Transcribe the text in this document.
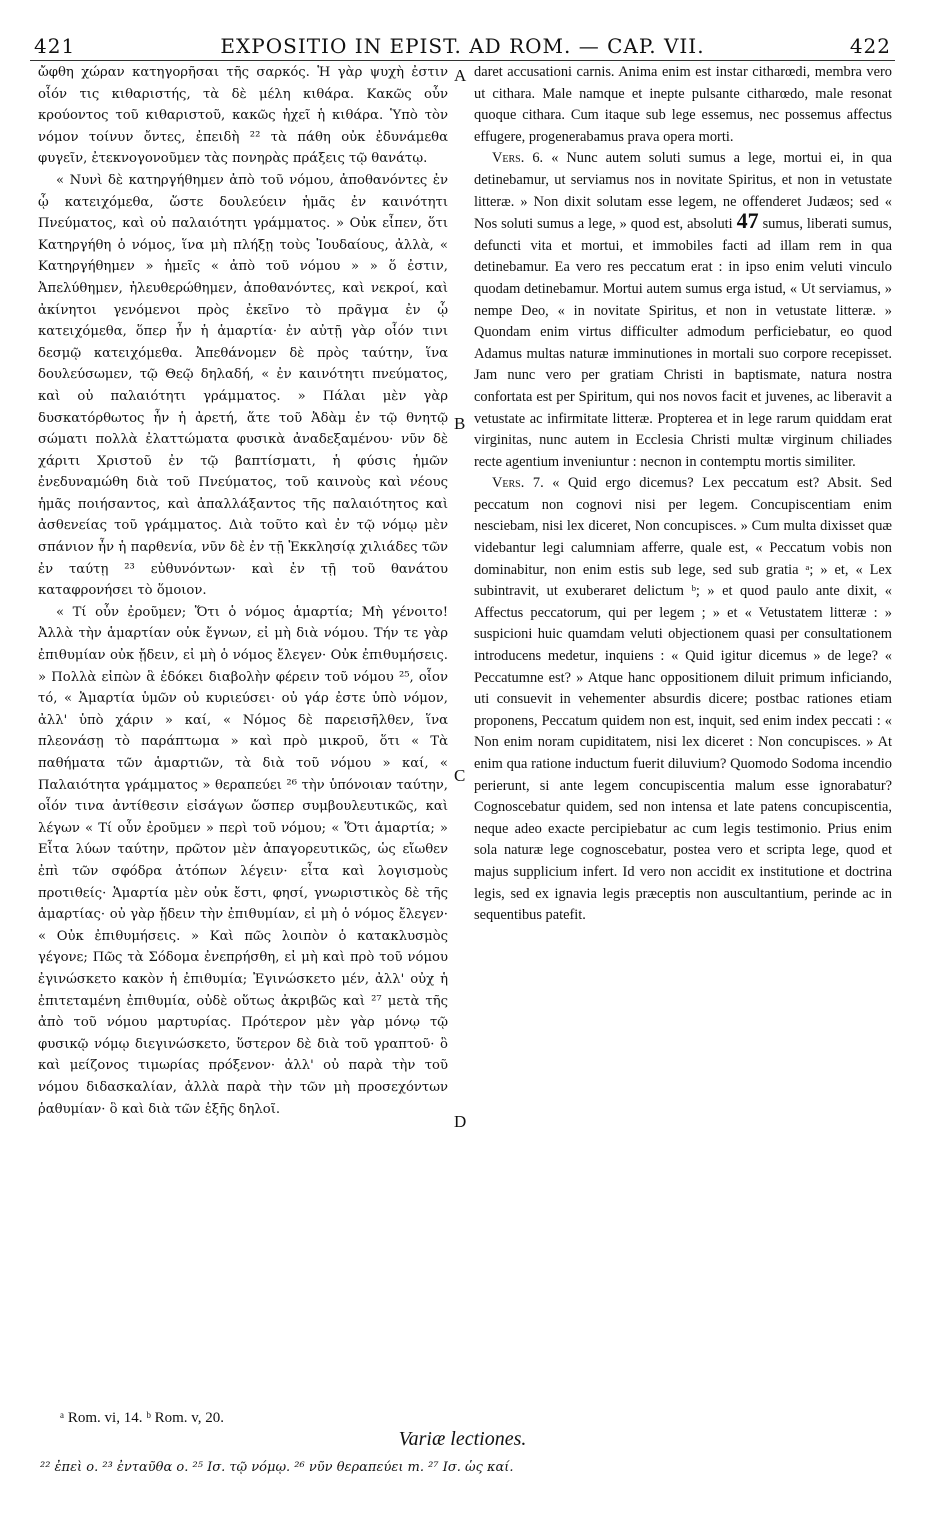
421	EXPOSITIO IN EPIST. AD ROM. — CAP. VII.	422

ὤφθη χώραν κατηγορῆσαι τῆς σαρκός. Ἡ γὰρ ψυχὴ ἐστιν οἷόν τις κιθαριστής, τὰ δὲ μέλη κιθάρα. Κακῶς οὖν κρούοντος τοῦ κιθαριστοῦ, κακῶς ἠχεῖ ἡ κιθάρα. Ὑπὸ τὸν νόμον τοίνυν ὄντες, ἐπειδὴ ²² τὰ πάθη οὐκ ἐδυνάμεθα φυγεῖν, ἐτεκνογονοῦμεν τὰς πονηρὰς πράξεις τῷ θανάτῳ.

« Νυνὶ δὲ κατηργήθημεν ἀπὸ τοῦ νόμου, ἀποθανόντες ἐν ᾧ κατειχόμεθα, ὥστε δουλεύειν ἡμᾶς ἐν καινότητι Πνεύματος, καὶ οὐ παλαιότητι γράμματος. » Οὐκ εἶπεν, ὅτι Κατηργήθη ὁ νόμος, ἵνα μὴ πλήξῃ τοὺς Ἰουδαίους, ἀλλὰ, « Κατηργήθημεν » ἡμεῖς « ἀπὸ τοῦ νόμου » » ὅ ἐστιν, Ἀπελύθημεν, ἠλευθερώθημεν, ἀποθανόντες, καὶ νεκροί, καὶ ἀκίνητοι γενόμενοι πρὸς ἐκεῖνο τὸ πρᾶγμα ἐν ᾧ κατειχόμεθα, ὅπερ ἦν ἡ ἁμαρτία· ἐν αὐτῇ γὰρ οἷόν τινι δεσμῷ κατειχόμεθα. Ἀπεθάνομεν δὲ πρὸς ταύτην, ἵνα δουλεύσωμεν, τῷ Θεῷ δηλαδή, « ἐν καινότητι πνεύματος, καὶ οὐ παλαιότητι γράμματος. » Πάλαι μὲν γὰρ δυσκατόρθωτος ἦν ἡ ἀρετή, ἅτε τοῦ Ἀδὰμ ἐν τῷ θνητῷ σώματι πολλὰ ἐλαττώματα φυσικὰ ἀναδεξαμένου· νῦν δὲ χάριτι Χριστοῦ ἐν τῷ βαπτίσματι, ἡ φύσις ἡμῶν ἐνεδυναμώθη διὰ τοῦ Πνεύματος, τοῦ καινοὺς καὶ νέους ἡμᾶς ποιήσαντος, καὶ ἀπαλλάξαντος τῆς παλαιότητος καὶ ἀσθενείας τοῦ γράμματος. Διὰ τοῦτο καὶ ἐν τῷ νόμῳ μὲν σπάνιον ἦν ἡ παρθενία, νῦν δὲ ἐν τῇ Ἐκκλησίᾳ χιλιάδες τῶν ἐν ταύτῃ ²³ εὐθυνόντων· καὶ ἐν τῇ τοῦ θανάτου καταφρονήσει τὸ ὅμοιον.

« Τί οὖν ἐροῦμεν; Ὅτι ὁ νόμος ἁμαρτία; Μὴ γένοιτο! Ἀλλὰ τὴν ἁμαρτίαν οὐκ ἔγνων, εἰ μὴ διὰ νόμου. Τήν τε γὰρ ἐπιθυμίαν οὐκ ᾔδειν, εἰ μὴ ὁ νόμος ἔλεγεν· Οὐκ ἐπιθυμήσεις. » Πολλὰ εἰπὼν ἃ ἐδόκει διαβολὴν φέρειν τοῦ νόμου ²⁵, οἷον τό, « Ἁμαρτία ὑμῶν οὐ κυριεύσει· οὐ γάρ ἐστε ὑπὸ νόμον, ἀλλ' ὑπὸ χάριν » καί, « Νόμος δὲ παρεισῆλθεν, ἵνα πλεονάσῃ τὸ παράπτωμα » καὶ πρὸ μικροῦ, ὅτι « Τὰ παθήματα τῶν ἁμαρτιῶν, τὰ διὰ τοῦ νόμου » καί, « Παλαιότητα γράμματος » θεραπεύει ²⁶ τὴν ὑπόνοιαν ταύτην, οἷόν τινα ἀντίθεσιν εἰσάγων ὥσπερ συμβουλευτικῶς, καὶ λέγων « Τί οὖν ἐροῦμεν » περὶ τοῦ νόμου; « Ὅτι ἁμαρτία; » Εἶτα λύων ταύτην, πρῶτον μὲν ἀπαγορευτικῶς, ὡς εἴωθεν ἐπὶ τῶν σφόδρα ἀτόπων λέγειν· εἶτα καὶ λογισμοὺς προτιθείς· Ἁμαρτία μὲν οὐκ ἔστι, φησί, γνωριστικὸς δὲ τῆς ἁμαρτίας· οὐ γὰρ ᾔδειν τὴν ἐπιθυμίαν, εἰ μὴ ὁ νόμος ἔλεγεν· « Οὐκ ἐπιθυμήσεις. » Καὶ πῶς λοιπὸν ὁ κατακλυσμὸς γέγονε; Πῶς τὰ Σόδομα ἐνεπρήσθη, εἰ μὴ καὶ πρὸ τοῦ νόμου ἐγινώσκετο κακὸν ἡ ἐπιθυμία; Ἐγινώσκετο μέν, ἀλλ' οὐχ ἡ ἐπιτεταμένη ἐπιθυμία, οὐδὲ οὕτως ἀκριβῶς καὶ ²⁷ μετὰ τῆς ἀπὸ τοῦ νόμου μαρτυρίας. Πρότερον μὲν γὰρ μόνῳ τῷ φυσικῷ νόμῳ διεγινώσκετο, ὕστερον δὲ διὰ τοῦ γραπτοῦ· ὃ καὶ μείζονος τιμωρίας πρόξενον· ἀλλ' οὐ παρὰ τὴν τοῦ νόμου διδασκαλίαν, ἀλλὰ παρὰ τὴν τῶν μὴ προσεχόντων ῥαθυμίαν· ὃ καὶ διὰ τῶν ἑξῆς δηλοῖ.

A
B
C
D

daret accusationi carnis. Anima enim est instar citharœdi, membra vero ut cithara. Male namque et inepte pulsante citharœdo, male resonat quoque cithara. Cum itaque sub lege essemus, nec possemus affectus effugere, progenerabamus prava opera morti.

Vers. 6. « Nunc autem soluti sumus a lege, mortui ei, in qua detinebamur, ut serviamus nos in novitate Spiritus, et non in vetustate litteræ. » Non dixit solutam esse legem, ne offenderet Judæos; sed « Nos soluti sumus a lege, » quod est, absoluti 47 sumus, liberati sumus, defuncti vita et mortui, et immobiles facti ad illam rem in qua detinebamur. Ea vero res peccatum erat : in ipso enim veluti vinculo quodam detinebamur. Mortui autem sumus erga istud, « Ut serviamus, » nempe Deo, « in novitate Spiritus, et non in vetustate litteræ. » Quondam enim virtus difficulter admodum perficiebatur, eo quod Adamus multas naturæ imminutiones in mortali suo corpore recepisset. Jam nunc vero per gratiam Christi in baptismate, natura nostra confortata est per Spiritum, qui nos novos facit et juvenes, ac liberavit a vetustate ac infirmitate litteræ. Propterea et in lege rarum quiddam erat virginitas, nunc autem in Ecclesia Christi multæ virginum chiliades recte agentium inveniuntur : necnon in contemptu mortis similiter.

Vers. 7. « Quid ergo dicemus? Lex peccatum est? Absit. Sed peccatum non cognovi nisi per legem. Concupiscentiam enim nesciebam, nisi lex diceret, Non concupisces. » Cum multa dixisset quæ videbantur legi calumniam afferre, quale est, « Peccatum vobis non dominabitur, non enim estis sub lege, sed sub gratia ᵃ; » et, « Lex subintravit, ut exuberaret delictum ᵇ; » et quod paulo ante dixit, « Affectus peccatorum, qui per legem ; » et « Vetustatem litteræ : » suspicioni huic quamdam veluti objectionem quasi per consultationem introducens medetur, inquiens : « Quid igitur dicemus » de lege? « Peccatumne est? » Atque hanc oppositionem diluit primum inficiando, uti consuevit in vehementer absurdis dicere; postbac rationes etiam proponens, Peccatum quidem non est, inquit, sed enim index peccati : « Non enim noram cupiditatem, nisi lex diceret : Non concupisces. » At enim qua ratione inductum fuerit diluvium? Quomodo Sodoma incendio perierunt, si ante legem concupiscentia malum esse ignorabatur? Cognoscebatur quidem, sed non intensa et late patens concupiscentia, neque adeo exacte percipiebatur ac cum legis testimonio. Prius enim sola naturæ lege cognoscebatur, postea vero et scripta lege, quod et majus supplicium infert. Id vero non accidit ex institutione et doctrina legis, sed ex ignavia legis præceptis non auscultantium, perinde ac in sequentibus patefit.

ᵃ Rom. vi, 14. ᵇ Rom. v, 20.
Variæ lectiones.
²² ἐπεὶ ο. ²³ ἐνταῦθα ο. ²⁵ Ισ. τῷ νόμῳ. ²⁶ νῦν θεραπεύει m. ²⁷ Ισ. ὡς καί.
